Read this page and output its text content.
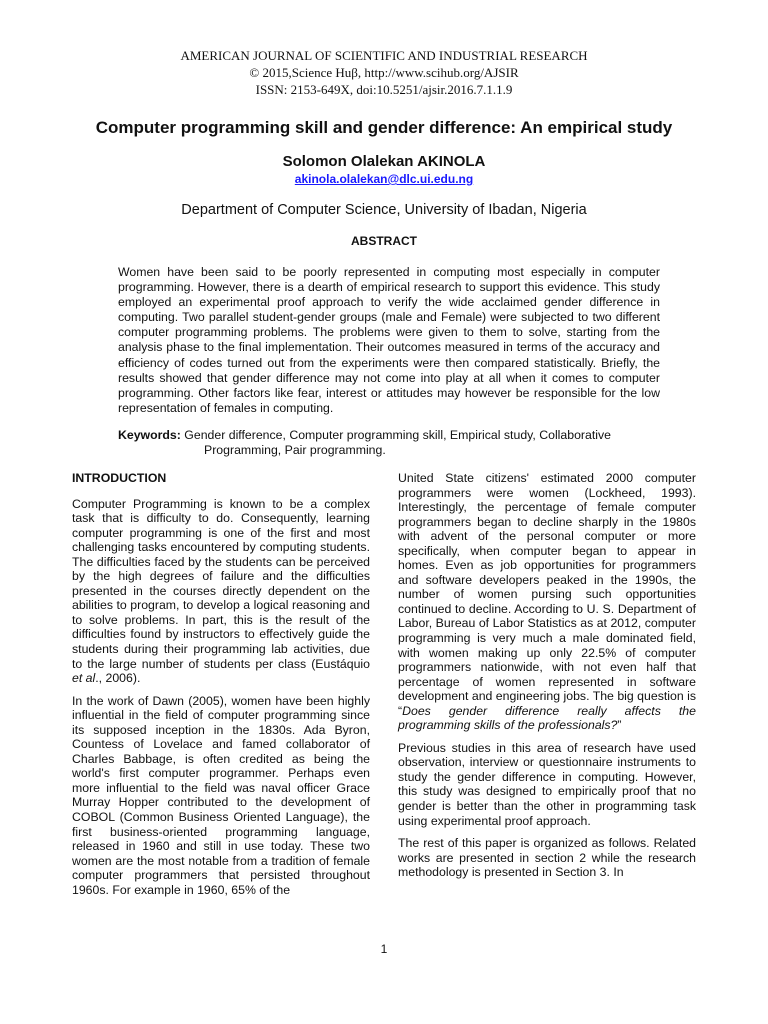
AMERICAN JOURNAL OF SCIENTIFIC AND INDUSTRIAL RESEARCH
© 2015,Science Huβ, http://www.scihub.org/AJSIR
ISSN: 2153-649X, doi:10.5251/ajsir.2016.7.1.1.9
Computer programming skill and gender difference: An empirical study
Solomon Olalekan AKINOLA
akinola.olalekan@dlc.ui.edu.ng
Department of Computer Science, University of Ibadan, Nigeria
ABSTRACT
Women have been said to be poorly represented in computing most especially in computer programming. However, there is a dearth of empirical research to support this evidence. This study employed an experimental proof approach to verify the wide acclaimed gender difference in computing. Two parallel student-gender groups (male and Female) were subjected to two different computer programming problems. The problems were given to them to solve, starting from the analysis phase to the final implementation. Their outcomes measured in terms of the accuracy and efficiency of codes turned out from the experiments were then compared statistically. Briefly, the results showed that gender difference may not come into play at all when it comes to computer programming. Other factors like fear, interest or attitudes may however be responsible for the low representation of females in computing.
Keywords: Gender difference, Computer programming skill, Empirical study, Collaborative
Programming, Pair programming.
INTRODUCTION

Computer Programming is known to be a complex task that is difficulty to do. Consequently, learning computer programming is one of the first and most challenging tasks encountered by computing students. The difficulties faced by the students can be perceived by the high degrees of failure and the difficulties presented in the courses directly dependent on the abilities to program, to develop a logical reasoning and to solve problems. In part, this is the result of the difficulties found by instructors to effectively guide the students during their programming lab activities, due to the large number of students per class (Eustáquio et al., 2006).

In the work of Dawn (2005), women have been highly influential in the field of computer programming since its supposed inception in the 1830s. Ada Byron, Countess of Lovelace and famed collaborator of Charles Babbage, is often credited as being the world's first computer programmer. Perhaps even more influential to the field was naval officer Grace Murray Hopper contributed to the development of COBOL (Common Business Oriented Language), the first business-oriented programming language, released in 1960 and still in use today. These two women are the most notable from a tradition of female computer programmers that persisted throughout 1960s. For example in 1960, 65% of the

United State citizens' estimated 2000 computer programmers were women (Lockheed, 1993). Interestingly, the percentage of female computer programmers began to decline sharply in the 1980s with advent of the personal computer or more specifically, when computer began to appear in homes. Even as job opportunities for programmers and software developers peaked in the 1990s, the number of women pursing such opportunities continued to decline. According to U. S. Department of Labor, Bureau of Labor Statistics as at 2012, computer programming is very much a male dominated field, with women making up only 22.5% of computer programmers nationwide, with not even half that percentage of women represented in software development and engineering jobs. The big question is “Does gender difference really affects the programming skills of the professionals?”

Previous studies in this area of research have used observation, interview or questionnaire instruments to study the gender difference in computing. However, this study was designed to empirically proof that no gender is better than the other in programming task using experimental proof approach.

The rest of this paper is organized as follows. Related works are presented in section 2 while the research methodology is presented in Section 3. In

1
